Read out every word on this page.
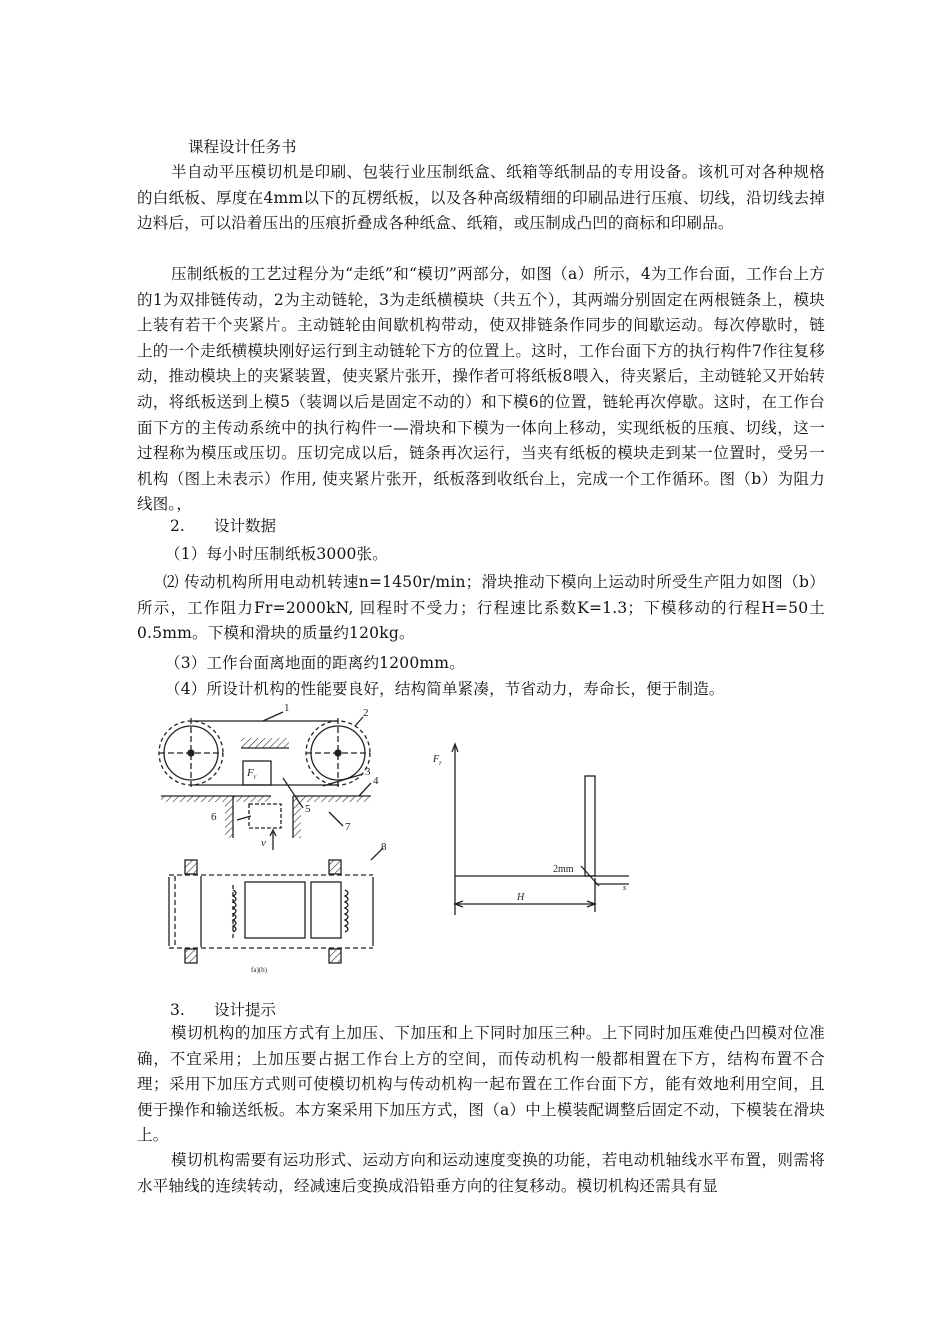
课程设计任务书
半自动平压模切机是印刷、包装行业压制纸盒、纸箱等纸制品的专用设备。该机可对各种规格的白纸板、厚度在4mm以下的瓦楞纸板，以及各种高级精细的印刷品进行压痕、切线，沿切线去掉边料后，可以沿着压出的压痕折叠成各种纸盒、纸箱，或压制成凸凹的商标和印刷品。
压制纸板的工艺过程分为“走纸”和“模切”两部分，如图（a）所示，4为工作台面，工作台上方的1为双排链传动，2为主动链轮，3为走纸横模块（共五个），其两端分别固定在两根链条上，模块上装有若干个夹紧片。主动链轮由间歇机构带动，使双排链条作同步的间歇运动。每次停歇时，链上的一个走纸横模块刚好运行到主动链轮下方的位置上。这时，工作台面下方的执行构件7作往复移动，推动模块上的夹紧装置，使夹紧片张开，操作者可将纸板8喂入，待夹紧后，主动链轮又开始转动，将纸板送到上模5（装调以后是固定不动的）和下模6的位置，链轮再次停歇。这时，在工作台面下方的主传动系统中的执行构件一—滑块和下模为一体向上移动，实现纸板的压痕、切线，这一过程称为模压或压切。压切完成以后，链条再次运行，当夹有纸板的模块走到某一位置时，受另一机构（图上未表示）作用, 使夹紧片张开，纸板落到收纸台上，完成一个工作循环。图（b）为阻力线图。，
2. 设计数据
（1）每小时压制纸板3000张。
⑵ 传动机构所用电动机转速n=1450r/min；滑块推动下模向上运动时所受生产阻力如图（b）所示，工作阻力Fr=2000kN, 回程时不受力；行程速比系数K=1.3；下模移动的行程H=50土0.5mm。下模和滑块的质量约120kg。
（3）工作台面离地面的距离约1200mm。
（4）所设计机构的性能要良好，结构简单紧凑，节省动力，寿命长，便于制造。
1	2
3
4
5
6
7
8
$F_r$
v
fa)(b)
$F_r$
2mm
H
s
3. 设计提示
模切机构的加压方式有上加压、下加压和上下同时加压三种。上下同时加压难使凸凹模对位准确，不宜采用；上加压要占据工作台上方的空间，而传动机构一般都相置在下方，结构布置不合理；采用下加压方式则可使模切机构与传动机构一起布置在工作台面下方，能有效地利用空间，且便于操作和输送纸板。本方案采用下加压方式，图（a）中上模装配调整后固定不动，下模装在滑块上。
模切机构需要有运功形式、运动方向和运动速度变换的功能，若电动机轴线水平布置，则需将水平轴线的连续转动，经减速后变换成沿铅垂方向的往复移动。模切机构还需具有显
